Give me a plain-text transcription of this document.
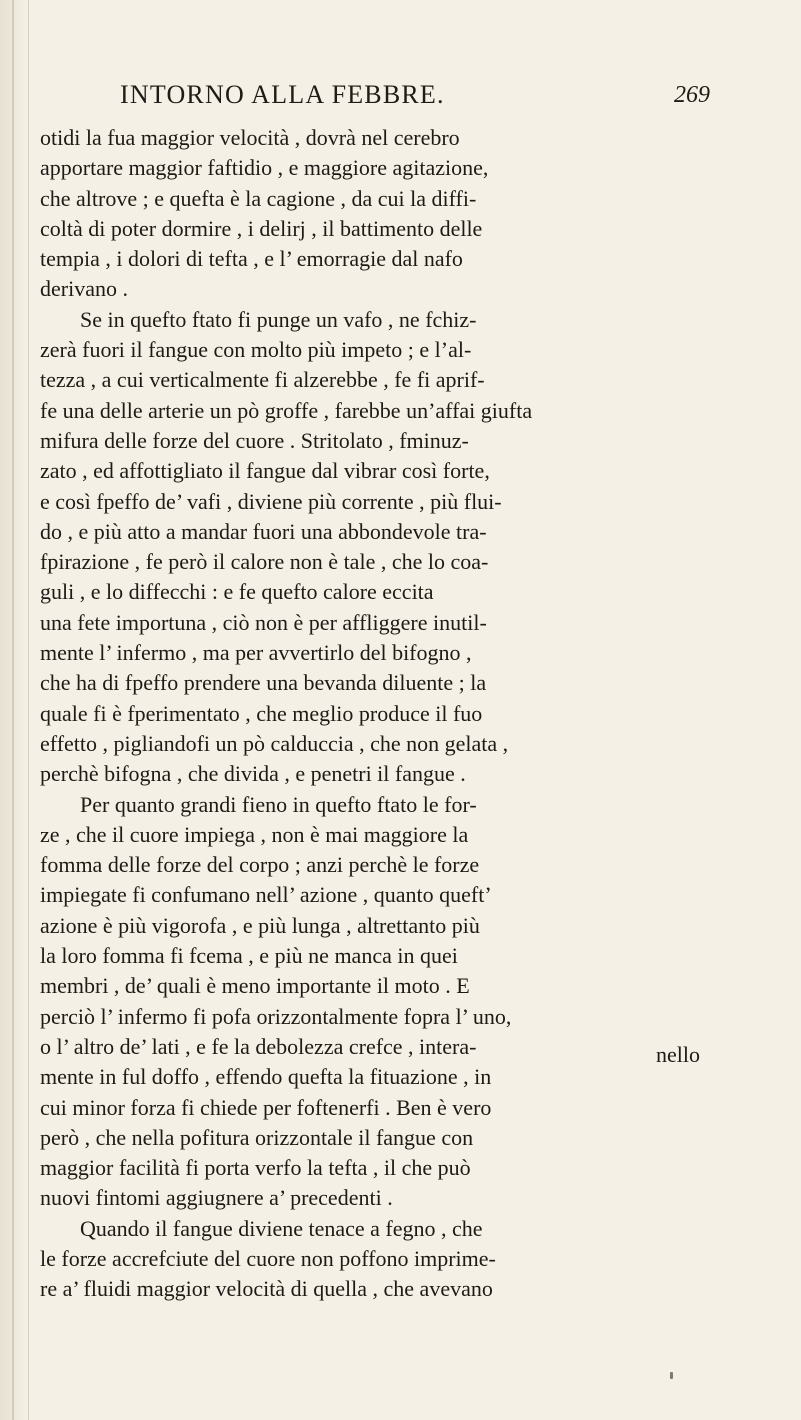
INTORNO ALLA FEBBRE.	269
otidi la fua maggior velocità , dovrà nel cerebro
apportare maggior faftidio , e maggiore agitazione,
che altrove ; e quefta è la cagione , da cui la diffi-
coltà di poter dormire , i delirj , il battimento delle
tempia , i dolori di tefta , e l’ emorragie dal nafo
derivano .
Se in quefto ftato fi punge un vafo , ne fchiz-
zerà fuori il fangue con molto più impeto ; e l’al-
tezza , a cui verticalmente fi alzerebbe , fe fi aprif-
fe una delle arterie un pò groffe , farebbe un’affai giufta
mifura delle forze del cuore . Stritolato , fminuz-
zato , ed affottigliato il fangue dal vibrar così forte,
e così fpeffo de’ vafi , diviene più corrente , più flui-
do , e più atto a mandar fuori una abbondevole tra-
fpirazione , fe però il calore non è tale , che lo coa-
guli , e lo diffecchi : e fe quefto calore eccita
una fete importuna , ciò non è per affliggere inutil-
mente l’ infermo , ma per avvertirlo del bifogno ,
che ha di fpeffo prendere una bevanda diluente ; la
quale fi è fperimentato , che meglio produce il fuo
effetto , pigliandofi un pò calduccia , che non gelata ,
perchè bifogna , che divida , e penetri il fangue .
Per quanto grandi fieno in quefto ftato le for-
ze , che il cuore impiega , non è mai maggiore la
fomma delle forze del corpo ; anzi perchè le forze
impiegate fi confumano nell’ azione , quanto queft’
azione è più vigorofa , e più lunga , altrettanto più
la loro fomma fi fcema , e più ne manca in quei
membri , de’ quali è meno importante il moto . E
perciò l’ infermo fi pofa orizzontalmente fopra l’ uno,
o l’ altro de’ lati , e fe la debolezza crefce , intera-
mente in ful doffo , effendo quefta la fituazione , in
cui minor forza fi chiede per foftenerfi . Ben è vero
però , che nella pofitura orizzontale il fangue con
maggior facilità fi porta verfo la tefta , il che può
nuovi fintomi aggiugnere a’ precedenti .
Quando il fangue diviene tenace a fegno , che
le forze accrefciute del cuore non poffono imprime-
re a’ fluidi maggior velocità di quella , che avevano
nello
